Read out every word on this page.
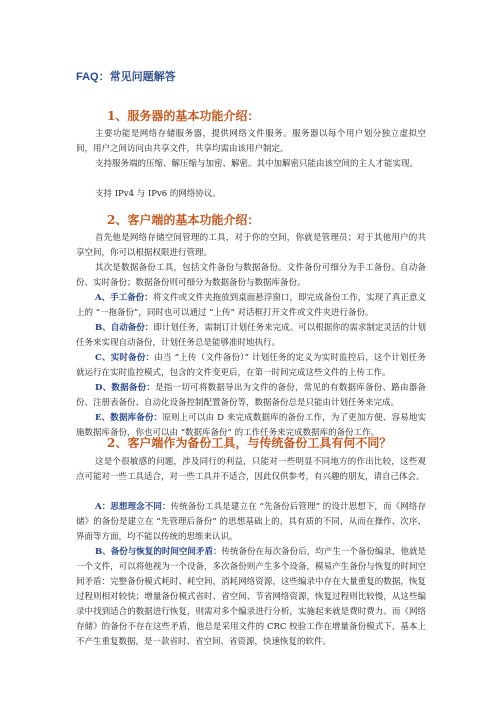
FAQ：常见问题解答
1、服务器的基本功能介绍：

主要功能是网络存储服务器，提供网络文件服务。服务器以每个用户划分独立虚拟空间，用户之间访问由共享文件，共享均需由该用户制定。

支持服务端的压缩、解压缩与加密、解密。其中加解密只能由该空间的主人才能实现。

支持 IPv4 与 IPv6 的网络协议。

2、客户端的基本功能介绍：

首先他是网络存储空间管理的工具，对于你的空间，你就是管理员；对于其他用户的共享空间，你可以根据权限进行管理。

其次是数据备份工具，包括文件备份与数据备份。文件备份可细分为手工备份、自动备份、实时备份；数据备份则可细分为数据备份与数据库备份。

A、手工备份：将文件或文件夹拖放到桌面悬浮窗口，即完成备份工作，实现了真正意义上的 “一拖备份”，同时也可以通过 “上传” 对话框打开文件或文件夹进行备份。

B、自动备份：即计划任务，需制订计划任务来完成。可以根据你的需求制定灵活的计划任务来实现自动备份，计划任务总是能够准时地执行。

C、实时备份：由当 “上传（文件备份）” 计划任务的定义为实时监控后，这个计划任务就运行在实时监控模式，包含的文件变更后，在第一时间完成这些文件的上传工作。

D、数据备份：是指一切可将数据导出为文件的备份，常见的有数据库备份、路由器备份、注册表备份、自动化设备控制配置备份等，数据备份总是只能由计划任务来完成。

E、数据库备份：原则上可以由 D 来完成数据库的备份工作，为了更加方便、容易地实施数据库备份，你也可以由 “数据库备份” 的工作任务来完成数据库的备份工作。

2、客户端作为备份工具，与传统备份工具有何不同？

这是个很敏感的问题，涉及同行的利益，只能对一些明显不同地方的作出比较，这些观点可能对一些工具适合，对一些工具并不适合，因此仅供参考，有兴趣的朋友，请自己体会。

A：思想理念不同：传统备份工具是建立在 “先备份后管理” 的设计思想下，而《网络存储》的备份是建立在 “先管理后备份” 的思想基础上的，具有质的不同，从而在操作、次序、界面等方面，均不能以传统的思维来认识。

B、备份与恢复的时间空间矛盾：传统备份在每次备份后，均产生一个备份编录，他就是一个文件，可以将他视为一个设备，多次备份则产生多个设备，模易产生备份与恢复的时间空间矛盾：完整备份模式耗时、耗空间，消耗网络资源，这些编录中存在大量重复的数据，恢复过程则相对较快；增量备份模式省时、省空间、节省网络资源，恢复过程则比较慢，从这些编录中找到适合的数据进行恢复，则需对多个编录进行分析，实施起来就是费时费力。而《网络存储》的备份不存在这些矛盾，他总是采用文件的 CRC 校验工作在增量备份模式下，基本上不产生重复数据，是一款省时、省空间、省资源，快速恢复的软件。
